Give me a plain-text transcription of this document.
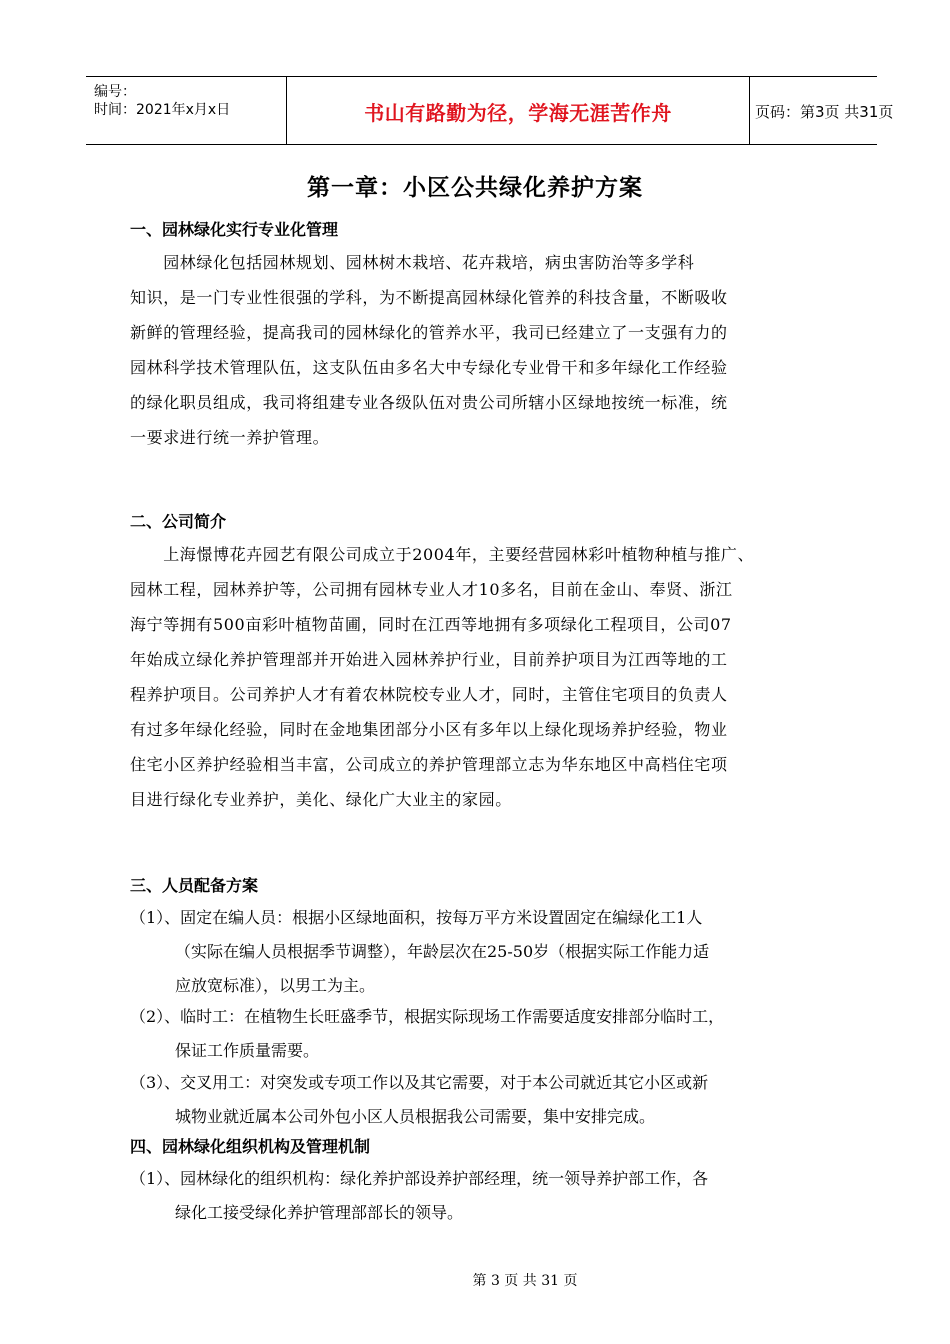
编号：
时间：2021年x月x日	书山有路勤为径，学海无涯苦作舟	页码：第3页 共31页
第一章：小区公共绿化养护方案
一、园林绿化实行专业化管理
　　园林绿化包括园林规划、园林树木栽培、花卉栽培，病虫害防治等多学科
知识，是一门专业性很强的学科，为不断提高园林绿化管养的科技含量，不断吸收
新鲜的管理经验，提高我司的园林绿化的管养水平，我司已经建立了一支强有力的
园林科学技术管理队伍，这支队伍由多名大中专绿化专业骨干和多年绿化工作经验
的绿化职员组成，我司将组建专业各级队伍对贵公司所辖小区绿地按统一标准，统
一要求进行统一养护管理。
二、公司简介
　　上海憬博花卉园艺有限公司成立于2004年，主要经营园林彩叶植物种植与推广、
园林工程，园林养护等，公司拥有园林专业人才10多名，目前在金山、奉贤、浙江
海宁等拥有500亩彩叶植物苗圃，同时在江西等地拥有多项绿化工程项目，公司07
年始成立绿化养护管理部并开始进入园林养护行业，目前养护项目为江西等地的工
程养护项目。公司养护人才有着农林院校专业人才，同时，主管住宅项目的负责人
有过多年绿化经验，同时在金地集团部分小区有多年以上绿化现场养护经验，物业
住宅小区养护经验相当丰富，公司成立的养护管理部立志为华东地区中高档住宅项
目进行绿化专业养护，美化、绿化广大业主的家园。
三、人员配备方案
（1）、固定在编人员：根据小区绿地面积，按每万平方米设置固定在编绿化工1人
（实际在编人员根据季节调整），年龄层次在25-50岁（根据实际工作能力适
应放宽标准），以男工为主。
（2）、临时工：在植物生长旺盛季节，根据实际现场工作需要适度安排部分临时工，
保证工作质量需要。
（3）、交叉用工：对突发或专项工作以及其它需要，对于本公司就近其它小区或新
城物业就近属本公司外包小区人员根据我公司需要，集中安排完成。
四、园林绿化组织机构及管理机制
（1）、园林绿化的组织机构：绿化养护部设养护部经理，统一领导养护部工作，各
绿化工接受绿化养护管理部部长的领导。
第 3 页 共 31 页
